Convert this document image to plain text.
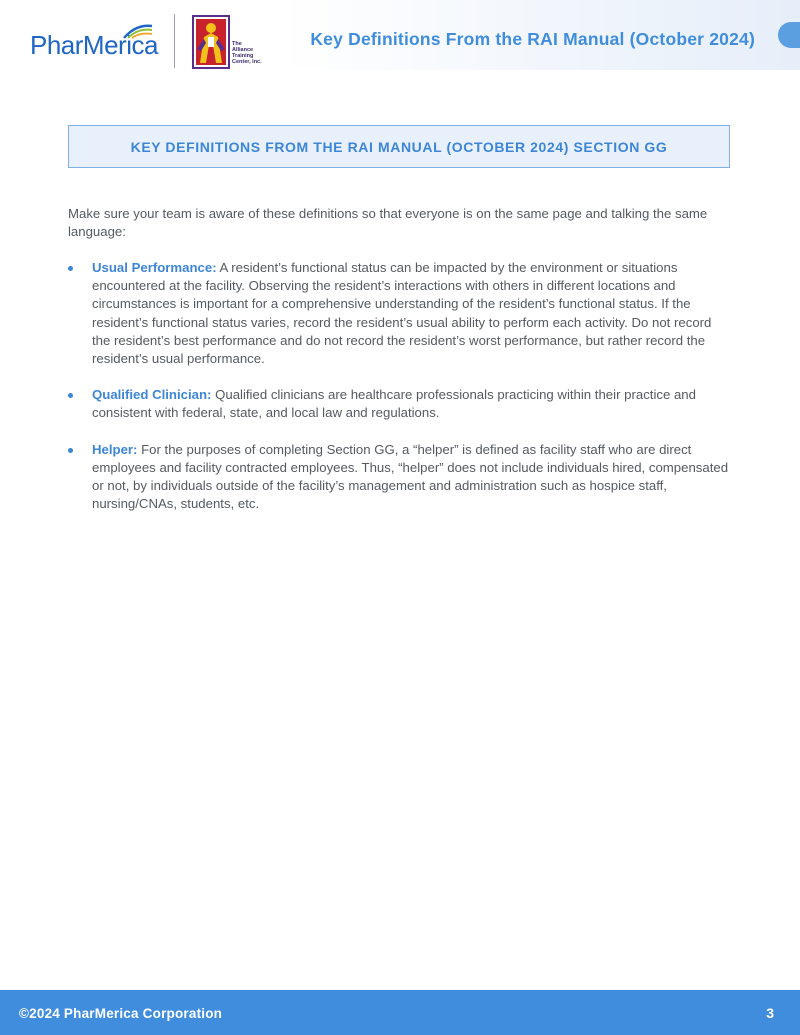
PharMerica	The
Alliance
Training
Center, Inc.
Key Definitions From the RAI Manual (October 2024)
KEY DEFINITIONS FROM THE RAI MANUAL (OCTOBER 2024) SECTION GG

Make sure your team is aware of these definitions so that everyone is on the same page and talking the same language:

Usual Performance: A resident’s functional status can be impacted by the environment or situations encountered at the facility. Observing the resident’s interactions with others in different locations and circumstances is important for a comprehensive understanding of the resident’s functional status. If the resident’s functional status varies, record the resident’s usual ability to perform each activity. Do not record the resident’s best performance and do not record the resident’s worst performance, but rather record the resident’s usual performance.
Qualified Clinician: Qualified clinicians are healthcare professionals practicing within their practice and consistent with federal, state, and local law and regulations.
Helper: For the purposes of completing Section GG, a “helper” is defined as facility staff who are direct employees and facility contracted employees. Thus, “helper” does not include individuals hired, compensated or not, by individuals outside of the facility’s management and administration such as hospice staff, nursing/CNAs, students, etc.
©2024 PharMerica Corporation	3
